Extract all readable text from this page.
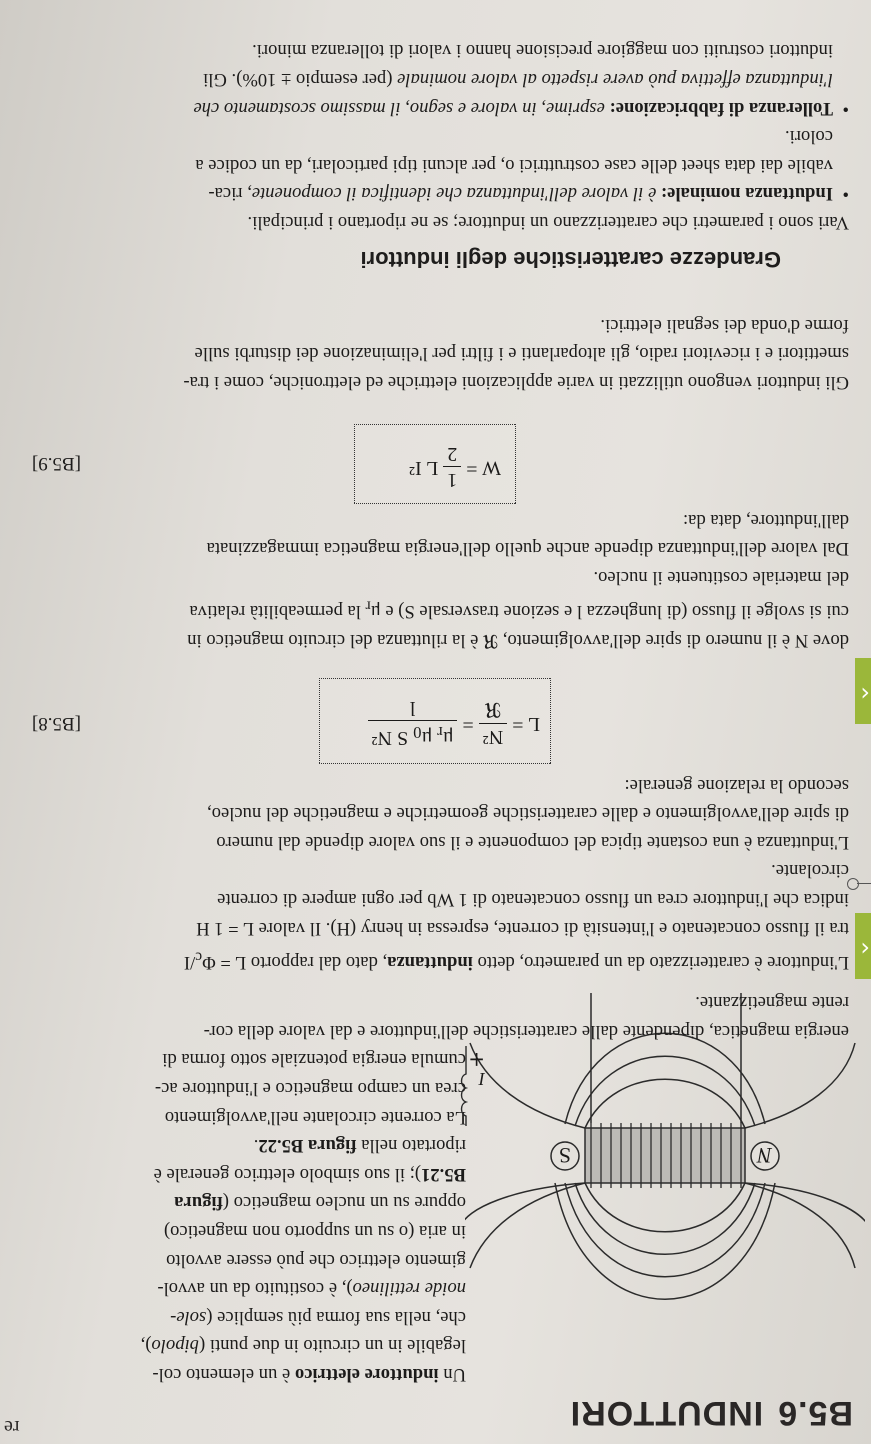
re	B5.6INDUTTORI
‹
‹
N
S
+
I
Un induttore elettrico è un elemento col-
legabile in un circuito in due punti (bipolo),
che, nella sua forma più semplice (sole-
noide rettilineo), è costituito da un avvol-
gimento elettrico che può essere avvolto
in aria (o su un supporto non magnetico)
oppure su un nucleo magnetico (figura
B5.21); il suo simbolo elettrico generale è
riportato nella figura B5.22.
La corrente circolante nell'avvolgimento
crea un campo magnetico e l'induttore ac-
cumula energia potenziale sotto forma di
energia magnetica, dipendente dalle caratteristiche dell'induttore e dal valore della cor-
rente magnetizzante.
L'induttore è caratterizzato da un parametro, detto induttanza, dato dal rapporto $L = \Phi_c/I$
tra il flusso concatenato e l'intensità di corrente, espressa in henry (H). Il valore L = 1 H
indica che l'induttore crea un flusso concatenato di 1 Wb per ogni ampere di corrente
circolante.
L'induttanza è una costante tipica del componente e il suo valore dipende dal numero
di spire dell'avvolgimento e dalle caratteristiche geometriche e magnetiche del nucleo,
secondo la relazione generale:
L =
N²
ℜ
=
$\mu_r$ $\mu_0$ S N²
l
[B5.8]
dove N è il numero di spire dell'avvolgimento, ℜ è la riluttanza del circuito magnetico in
cui si svolge il flusso (di lunghezza l e sezione trasversale S) e $\mu_r$ la permeabilità relativa
del materiale costituente il nucleo.
Dal valore dell'induttanza dipende anche quello dell'energia magnetica immagazzinata
dall'induttore, data da:
W =
1
2
L I²
[B5.9]
Gli induttori vengono utilizzati in varie applicazioni elettriche ed elettroniche, come i tra-
smettitori e i ricevitori radio, gli altoparlanti e i filtri per l'eliminazione dei disturbi sulle
forme d'onda dei segnali elettrici.
Grandezze caratteristiche degli induttori
Vari sono i parametri che caratterizzano un induttore; se ne riportano i principali.
•Induttanza nominale: è il valore dell'induttanza che identifica il componente, rica-
vabile dai data sheet delle case costruttrici o, per alcuni tipi particolari, da un codice a
colori.
•Tolleranza di fabbricazione: esprime, in valore e segno, il massimo scostamento che
l'induttanza effettiva può avere rispetto al valore nominale (per esempio ± 10%). Gli
induttori costruiti con maggiore precisione hanno i valori di tolleranza minori.
